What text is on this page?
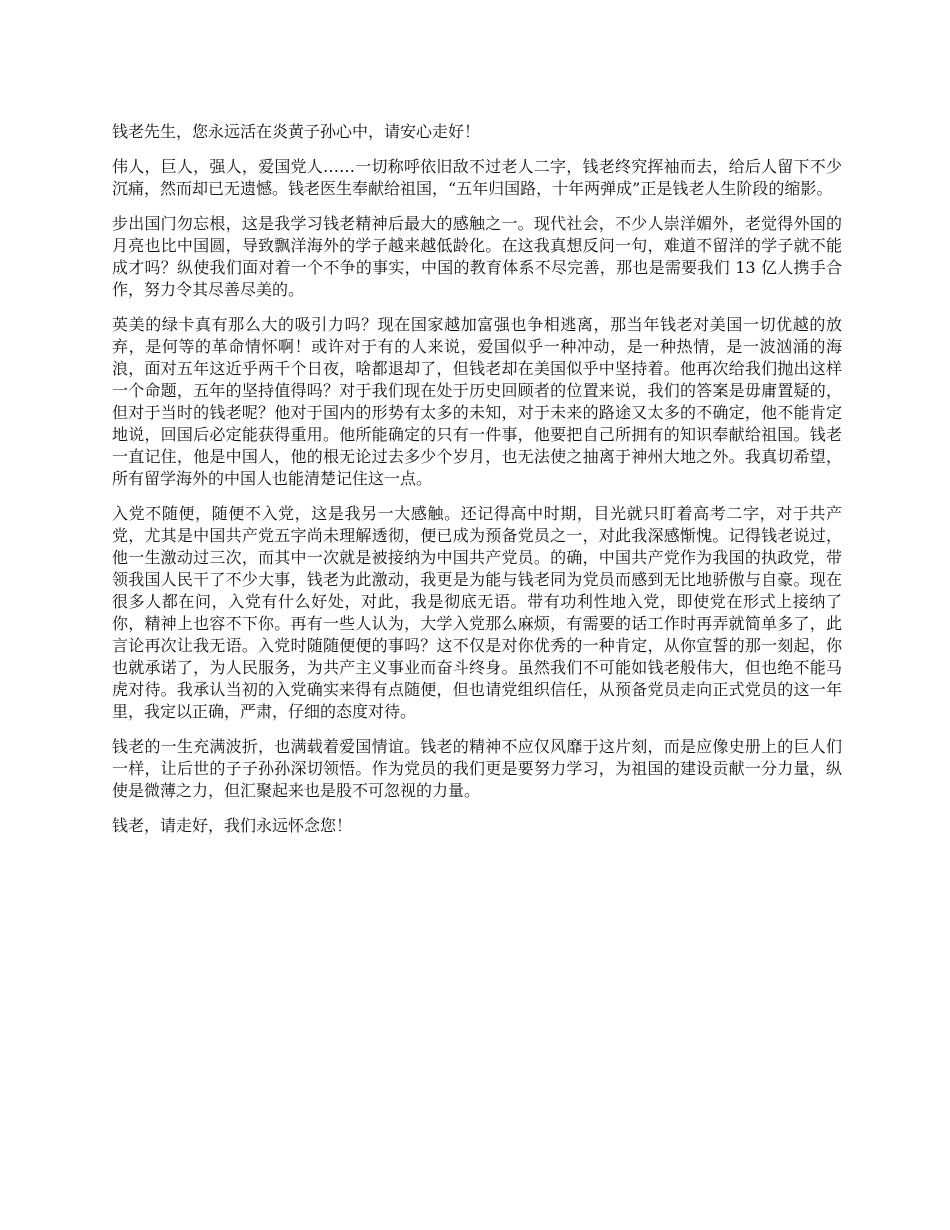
钱老先生，您永远活在炎黄子孙心中，请安心走好！

伟人，巨人，强人，爱国党人……一切称呼依旧敌不过老人二字，钱老终究挥袖而去，给后人留下不少沉痛，然而却已无遗憾。钱老医生奉献给祖国，“五年归国路，十年两弹成”正是钱老人生阶段的缩影。

步出国门勿忘根，这是我学习钱老精神后最大的感触之一。现代社会，不少人崇洋媚外，老觉得外国的月亮也比中国圆，导致飘洋海外的学子越来越低龄化。在这我真想反问一句，难道不留洋的学子就不能成才吗？纵使我们面对着一个不争的事实，中国的教育体系不尽完善，那也是需要我们 13 亿人携手合作，努力令其尽善尽美的。

英美的绿卡真有那么大的吸引力吗？现在国家越加富强也争相逃离，那当年钱老对美国一切优越的放弃，是何等的革命情怀啊！或许对于有的人来说，爱国似乎一种冲动，是一种热情，是一波汹涌的海浪，面对五年这近乎两千个日夜，啥都退却了，但钱老却在美国似乎中坚持着。他再次给我们抛出这样一个命题，五年的坚持值得吗？对于我们现在处于历史回顾者的位置来说，我们的答案是毋庸置疑的，但对于当时的钱老呢？他对于国内的形势有太多的未知，对于未来的路途又太多的不确定，他不能肯定地说，回国后必定能获得重用。他所能确定的只有一件事，他要把自己所拥有的知识奉献给祖国。钱老一直记住，他是中国人，他的根无论过去多少个岁月，也无法使之抽离于神州大地之外。我真切希望，所有留学海外的中国人也能清楚记住这一点。

入党不随便，随便不入党，这是我另一大感触。还记得高中时期，目光就只盯着高考二字，对于共产党，尤其是中国共产党五字尚未理解透彻，便已成为预备党员之一，对此我深感惭愧。记得钱老说过，他一生激动过三次，而其中一次就是被接纳为中国共产党员。的确，中国共产党作为我国的执政党，带领我国人民干了不少大事，钱老为此激动，我更是为能与钱老同为党员而感到无比地骄傲与自豪。现在很多人都在问，入党有什么好处，对此，我是彻底无语。带有功利性地入党，即使党在形式上接纳了你，精神上也容不下你。再有一些人认为，大学入党那么麻烦，有需要的话工作时再弄就简单多了，此言论再次让我无语。入党时随随便便的事吗？这不仅是对你优秀的一种肯定，从你宣誓的那一刻起，你也就承诺了，为人民服务，为共产主义事业而奋斗终身。虽然我们不可能如钱老般伟大，但也绝不能马虎对待。我承认当初的入党确实来得有点随便，但也请党组织信任，从预备党员走向正式党员的这一年里，我定以正确，严肃，仔细的态度对待。

钱老的一生充满波折，也满载着爱国情谊。钱老的精神不应仅风靡于这片刻，而是应像史册上的巨人们一样，让后世的子子孙孙深切领悟。作为党员的我们更是要努力学习，为祖国的建设贡献一分力量，纵使是微薄之力，但汇聚起来也是股不可忽视的力量。

钱老，请走好，我们永远怀念您！
